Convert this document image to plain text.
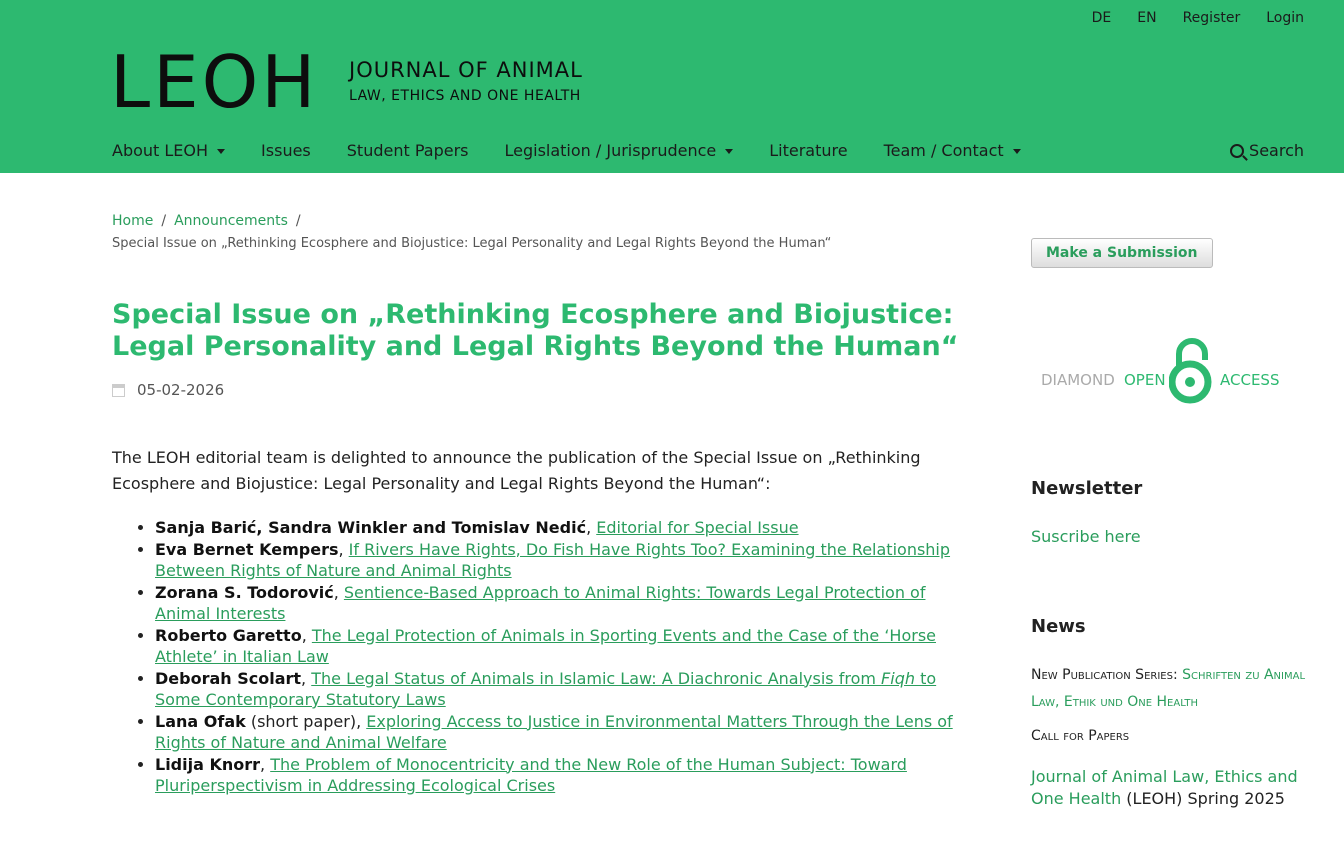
DE EN Register Login
LEOH JOURNAL OF ANIMAL
LAW, ETHICS AND ONE HEALTH
About LEOH	Issues Student Papers Legislation / Jurisprudence	Literature Team / Contact	Search
Home / Announcements /
Special Issue on „Rethinking Ecosphere and Biojustice: Legal Personality and Legal Rights Beyond the Human“
Special Issue on „Rethinking Ecosphere and Biojustice: Legal Personality and Legal Rights Beyond the Human“
05-02-2026
The LEOH editorial team is delighted to announce the publication of the Special Issue on „Rethinking Ecosphere and Biojustice: Legal Personality and Legal Rights Beyond the Human“:
• Sanja Barić, Sandra Winkler and Tomislav Nedić, Editorial for Special Issue
• Eva Bernet Kempers, If Rivers Have Rights, Do Fish Have Rights Too? Examining the Relationship Between Rights of Nature and Animal Rights
• Zorana S. Todorović, Sentience-Based Approach to Animal Rights: Towards Legal Protection of Animal Interests
• Roberto Garetto, The Legal Protection of Animals in Sporting Events and the Case of the ‘Horse Athlete’ in Italian Law
• Deborah Scolart, The Legal Status of Animals in Islamic Law: A Diachronic Analysis from Fiqh to Some Contemporary Statutory Laws
• Lana Ofak (short paper), Exploring Access to Justice in Environmental Matters Through the Lens of Rights of Nature and Animal Welfare
• Lidija Knorr, The Problem of Monocentricity and the New Role of the Human Subject: Toward Pluriperspectivism in Addressing Ecological Crises
Make a Submission
DIAMOND OPEN	ACCESS
Newsletter
Suscribe here
News
New Publication Series: Schriften zu Animal Law, Ethik und One Health
Call for Papers
Journal of Animal Law, Ethics and One Health (LEOH) Spring 2025
